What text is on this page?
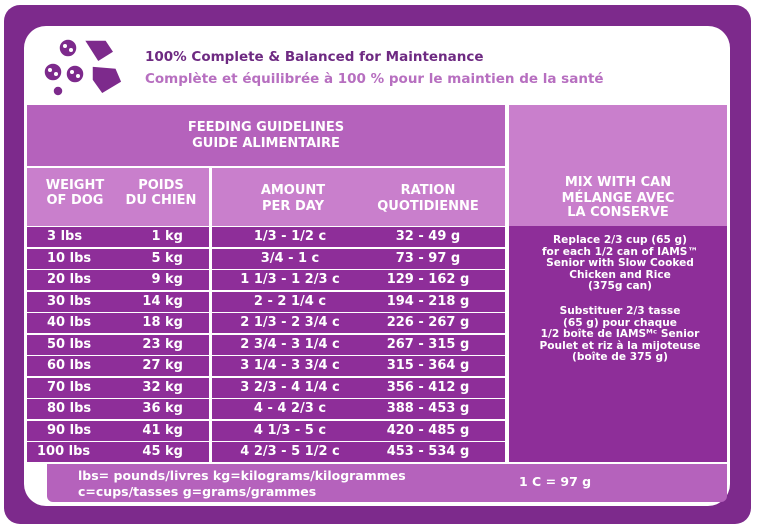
100% Complete & Balanced for Maintenance
Complète et équilibrée à 100 % pour le maintien de la santé
FEEDING GUIDELINES
GUIDE ALIMENTAIRE
MIX WITH CAN
MÉLANGE AVEC
LA CONSERVE
WEIGHT
OF DOG
POIDS
DU CHIEN
AMOUNT
PER DAY
RATION
QUOTIDIENNE
3 lbs	1 kg	1/3 - 1/2 c	32 - 49 g
10 lbs	5 kg	3/4 - 1 c	73 - 97 g
20 lbs	9 kg	1 1/3 - 1 2/3 c	129 - 162 g
30 lbs	14 kg	2 - 2 1/4 c	194 - 218 g
40 lbs	18 kg	2 1/3 - 2 3/4 c	226 - 267 g
50 lbs	23 kg	2 3/4 - 3 1/4 c	267 - 315 g
60 lbs	27 kg	3 1/4 - 3 3/4 c	315 - 364 g
70 lbs	32 kg	3 2/3 - 4 1/4 c	356 - 412 g
80 lbs	36 kg	4 - 4 2/3 c	388 - 453 g
90 lbs	41 kg	4 1/3 - 5 c	420 - 485 g
100 lbs	45 kg	4 2/3 - 5 1/2 c	453 - 534 g
Replace 2/3 cup (65 g)
for each 1/2 can of IAMS™
Senior with Slow Cooked
Chicken and Rice
(375g can)
Substituer 2/3 tasse
(65 g) pour chaque
1/2 boîte de IAMSᴹᶜ Senior
Poulet et riz à la mijoteuse
(boîte de 375 g)
lbs= pounds/livres kg=kilograms/kilogrammes
c=cups/tasses g=grams/grammes
1 C = 97 g
